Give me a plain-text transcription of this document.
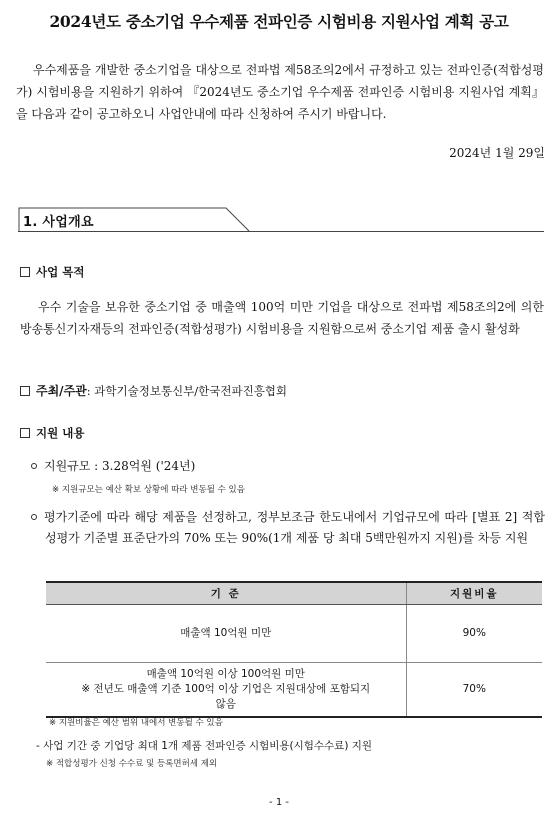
2024년도 중소기업 우수제품 전파인증 시험비용 지원사업 계획 공고

우수제품을 개발한 중소기업을 대상으로 전파법 제58조의2에서 규정하고 있는 전파인증(적합성평가) 시험비용을 지원하기 위하여 『2024년도 중소기업 우수제품 전파인증 시험비용 지원사업 계획』을 다음과 같이 공고하오니 사업안내에 따라 신청하여 주시기 바랍니다.

2024년 1월 29일
1. 사업개요
사업 목적

우수 기술을 보유한 중소기업 중 매출액 100억 미만 기업을 대상으로 전파법 제58조의2에 의한 방송통신기자재등의 전파인증(적합성평가) 시험비용을 지원함으로써 중소기업 제품 출시 활성화

주최/주관 : 과학기술정보통신부/한국전파진흥협회
지원 내용
지원규모 : 3.28억원 ('24년)
※ 지원규모는 예산 확보 상황에 따라 변동될 수 있음
평가기준에 따라 해당 제품을 선정하고, 정부보조금 한도내에서 기업규모에 따라 [별표 2] 적합성평가 기준별 표준단가의 70% 또는 90%(1개 제품 당 최대 5백만원까지 지원)를 차등 지원
기 준	지원비율
매출액 10억원 미만	90%

매출액 10억원 이상 100억원 미만
※ 전년도 매출액 기준 100억 이상 기업은 지원대상에 포함되지
않음	70%
※ 지원비율은 예산 범위 내에서 변동될 수 있음
- 사업 기간 중 기업당 최대 1개 제품 전파인증 시험비용(시험수수료) 지원
※ 적합성평가 신청 수수료 및 등록면허세 제외
- 1 -
